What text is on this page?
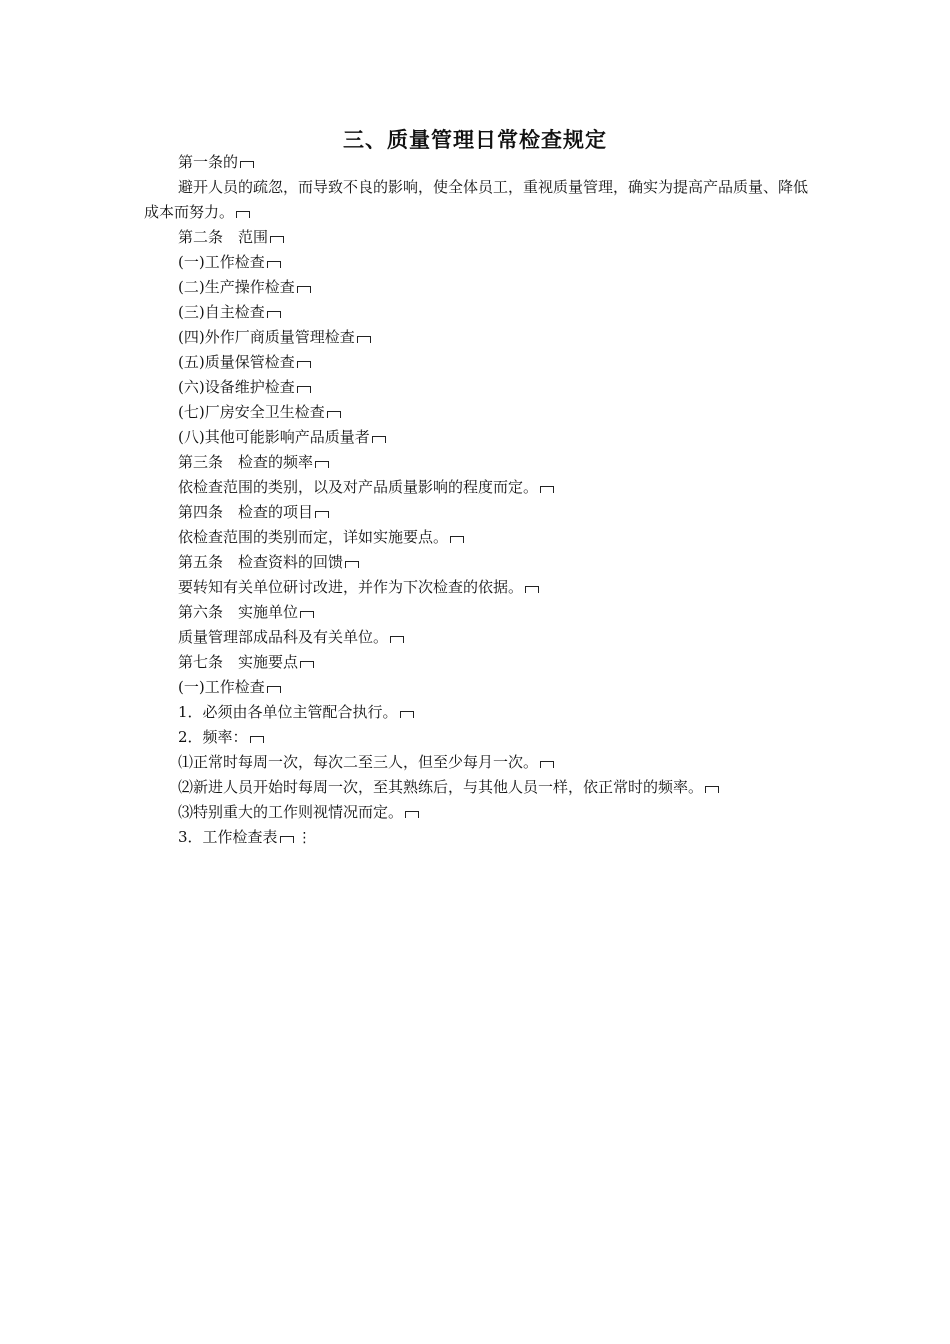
三、质量管理日常检查规定
第一条的
避开人员的疏忽，而导致不良的影响，使全体员工，重视质量管理，确实为提高产品质量、降低成本而努力。
第二条　范围
(一)工作检查
(二)生产操作检查
(三)自主检查
(四)外作厂商质量管理检查
(五)质量保管检查
(六)设备维护检查
(七)厂房安全卫生检查
(八)其他可能影响产品质量者
第三条　检查的频率
依检查范围的类别，以及对产品质量影响的程度而定。
第四条　检查的项目
依检查范围的类别而定，详如实施要点。
第五条　检查资料的回馈
要转知有关单位研讨改进，并作为下次检查的依据。
第六条　实施单位
质量管理部成品科及有关单位。
第七条　实施要点
(一)工作检查
1．必须由各单位主管配合执行。
2．频率：
⑴正常时每周一次，每次二至三人，但至少每月一次。
⑵新进人员开始时每周一次，至其熟练后，与其他人员一样，依正常时的频率。
⑶特别重大的工作则视情况而定。
3．工作检查表 ⋮
